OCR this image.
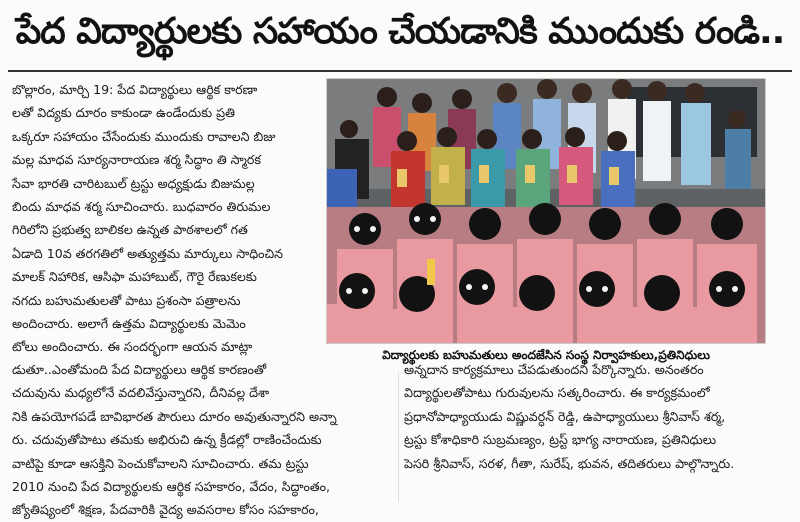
పేద విద్యార్థులకు సహాయం చేయడానికి ముందుకు రండి..
బొల్లారం, మార్చి 19: పేద విద్యార్థులు ఆర్థిక కారణా
లతో విద్యకు దూరం కాకుండా ఉండేందుకు ప్రతి
ఒక్కరూ సహాయం చేసేందుకు ముందుకు రావాలని బిజు
మల్ల మాధవ సూర్యనారాయణ శర్మ సిద్ధాం తి స్మారక
సేవా భారతి చారిటబుల్ ట్రస్టు అధ్యక్షుడు బిజుమల్ల
బిందు మాధవ శర్మ సూచించారు. బుధవారం తిరుమల
గిరిలోని ప్రభుత్వ బాలికల ఉన్నత పాఠశాలలో గత
ఏడాది 10వ తరగతిలో అత్యుత్తమ మార్కులు సాధించిన
మాలక్ నిహారిక, ఆసిఫా మహాబుట్, గౌరై రేణుకలకు
నగదు బహుమతులతో పాటు ప్రశంసా పత్రాలను
అందించారు. అలాగే ఉత్తమ విద్యార్థులకు మెమెం
టోలు అందించారు. ఈ సందర్భంగా ఆయన మాట్లా
విద్యార్థులకు బహుమతులు అందజేసిన సంస్థ నిర్వాహకులు,ప్రతినిధులు
డుతూ..ఎంతోమంది పేద విద్యార్థులు ఆర్థిక కారణంతో
చదువును మధ్యలోనే వదలివేస్తున్నారని, దీనివల్ల దేశా
నికి ఉపయోగపడే బావిభారత పౌరులు దూరం అవుతున్నారని అన్నా
రు. చదువుతోపాటు తమకు అభిరుచి ఉన్న క్రీడల్లో రాణించేందుకు
వాటిపై కూడా ఆసక్తిని పెంచుకోవాలని సూచించారు. తమ ట్రస్టు
2010 నుంచి పేద విద్యార్థులకు ఆర్థిక సహకారం, వేదం, సిద్ధాంతం,
జ్యోతిష్యంలో శిక్షణ, పేదవారికి వైద్య అవసరాల కోసం సహకారం,
అన్నదాన కార్యక్రమాలు చేపడుతుందని పేర్కొన్నారు. అనంతరం
విద్యార్థులతోపాటు గురువులను సత్కరించారు. ఈ కార్యక్రమంలో
ప్రధానోపాధ్యాయుడు విష్ణువర్ధన్ రెడ్డి, ఉపాధ్యాయులు శ్రీనివాస్ శర్మ,
ట్రస్టు కోశాధికారి సుబ్రమణ్యం, ట్రస్ట్ భాగ్య నారాయణ, ప్రతినిధులు
పెసరి శ్రీనివాస్, సరళ, గీతా, సురేష్, భువన, తదితరులు పాల్గొన్నారు.
